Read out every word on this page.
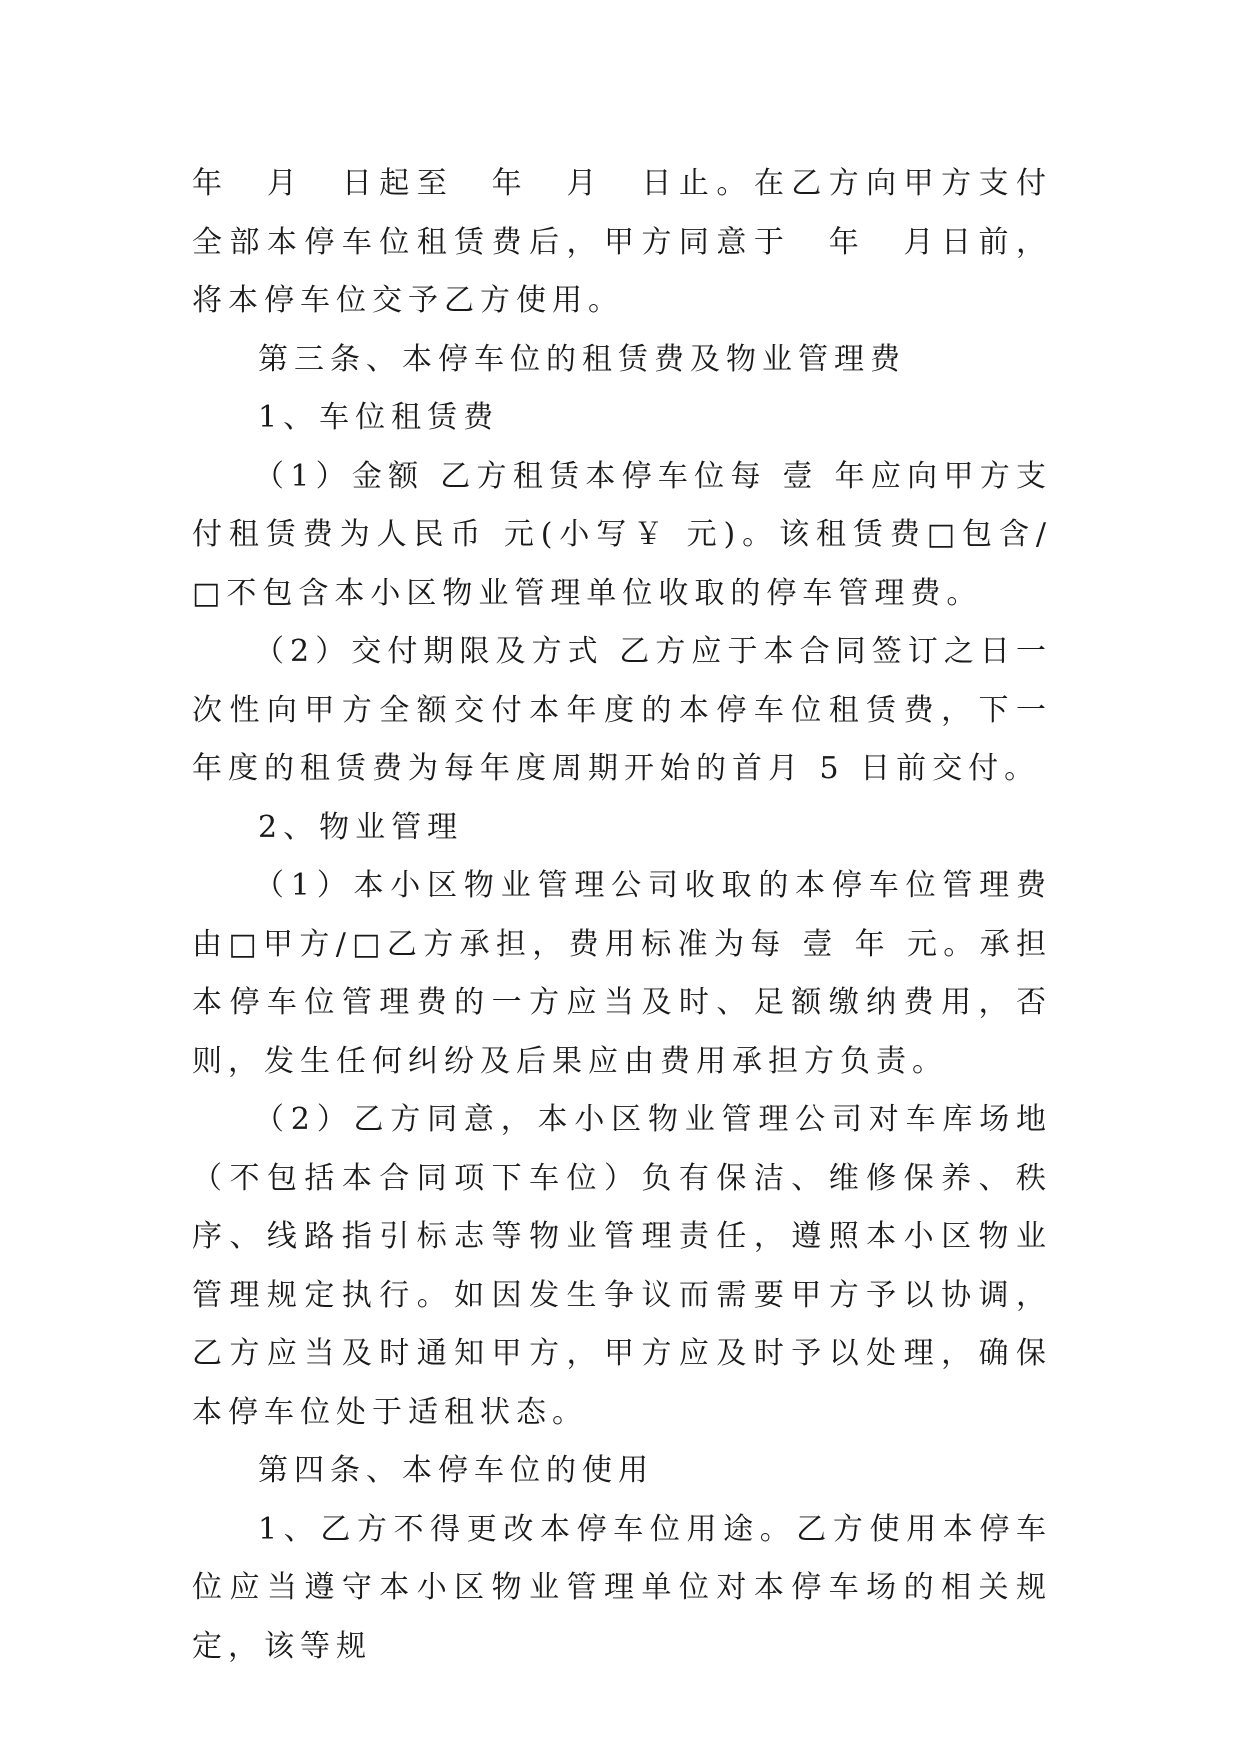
年　月　日起至　年　月　日止。在乙方向甲方支付全部本停车位租赁费后，甲方同意于　年　月日前，将本停车位交予乙方使用。

第三条、本停车位的租赁费及物业管理费

1、车位租赁费

（1）金额 乙方租赁本停车位每 壹 年应向甲方支付租赁费为人民币 元(小写￥ 元)。该租赁费□包含/□不包含本小区物业管理单位收取的停车管理费。

（2）交付期限及方式 乙方应于本合同签订之日一次性向甲方全额交付本年度的本停车位租赁费，下一年度的租赁费为每年度周期开始的首月 5 日前交付。

2、物业管理

（1）本小区物业管理公司收取的本停车位管理费由□甲方/□乙方承担，费用标准为每 壹 年 元。承担本停车位管理费的一方应当及时、足额缴纳费用，否则，发生任何纠纷及后果应由费用承担方负责。

（2）乙方同意，本小区物业管理公司对车库场地（不包括本合同项下车位）负有保洁、维修保养、秩序、线路指引标志等物业管理责任，遵照本小区物业管理规定执行。如因发生争议而需要甲方予以协调，乙方应当及时通知甲方，甲方应及时予以处理，确保本停车位处于适租状态。

第四条、本停车位的使用

1、乙方不得更改本停车位用途。乙方使用本停车位应当遵守本小区物业管理单位对本停车场的相关规定，该等规
